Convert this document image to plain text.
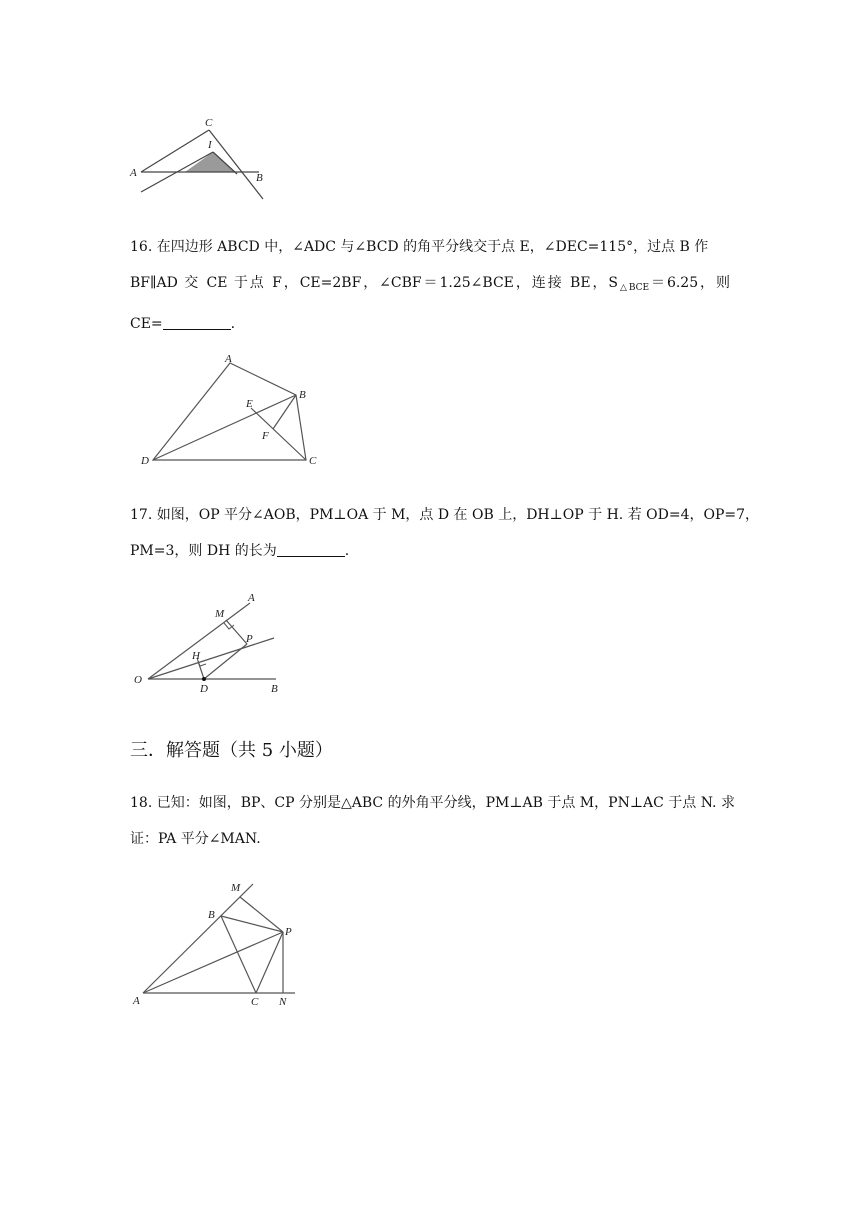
A	B
C
I
16. 在四边形 ABCD 中，∠ADC 与∠BCD 的角平分线交于点 E，∠DEC=115°，过点 B 作
BF∥AD 交 CE 于点 F，CE=2BF，∠CBF＝1.25∠BCE，连接 BE，$S_{\triangle BCE}=6.25$，则
CE=	.
A
B
C
D
E
F
17. 如图，OP 平分∠AOB，PM⊥OA 于 M，点 D 在 OB 上，DH⊥OP 于 H. 若 OD=4，OP=7，
PM=3，则 DH 的长为	.
O
A
B
M
P
H
D
三．解答题（共 5 小题）
18. 已知：如图，BP、CP 分别是△ABC 的外角平分线，PM⊥AB 于点 M，PN⊥AC 于点 N. 求
证：PA 平分∠MAN.
A
B
C
M
N
P
